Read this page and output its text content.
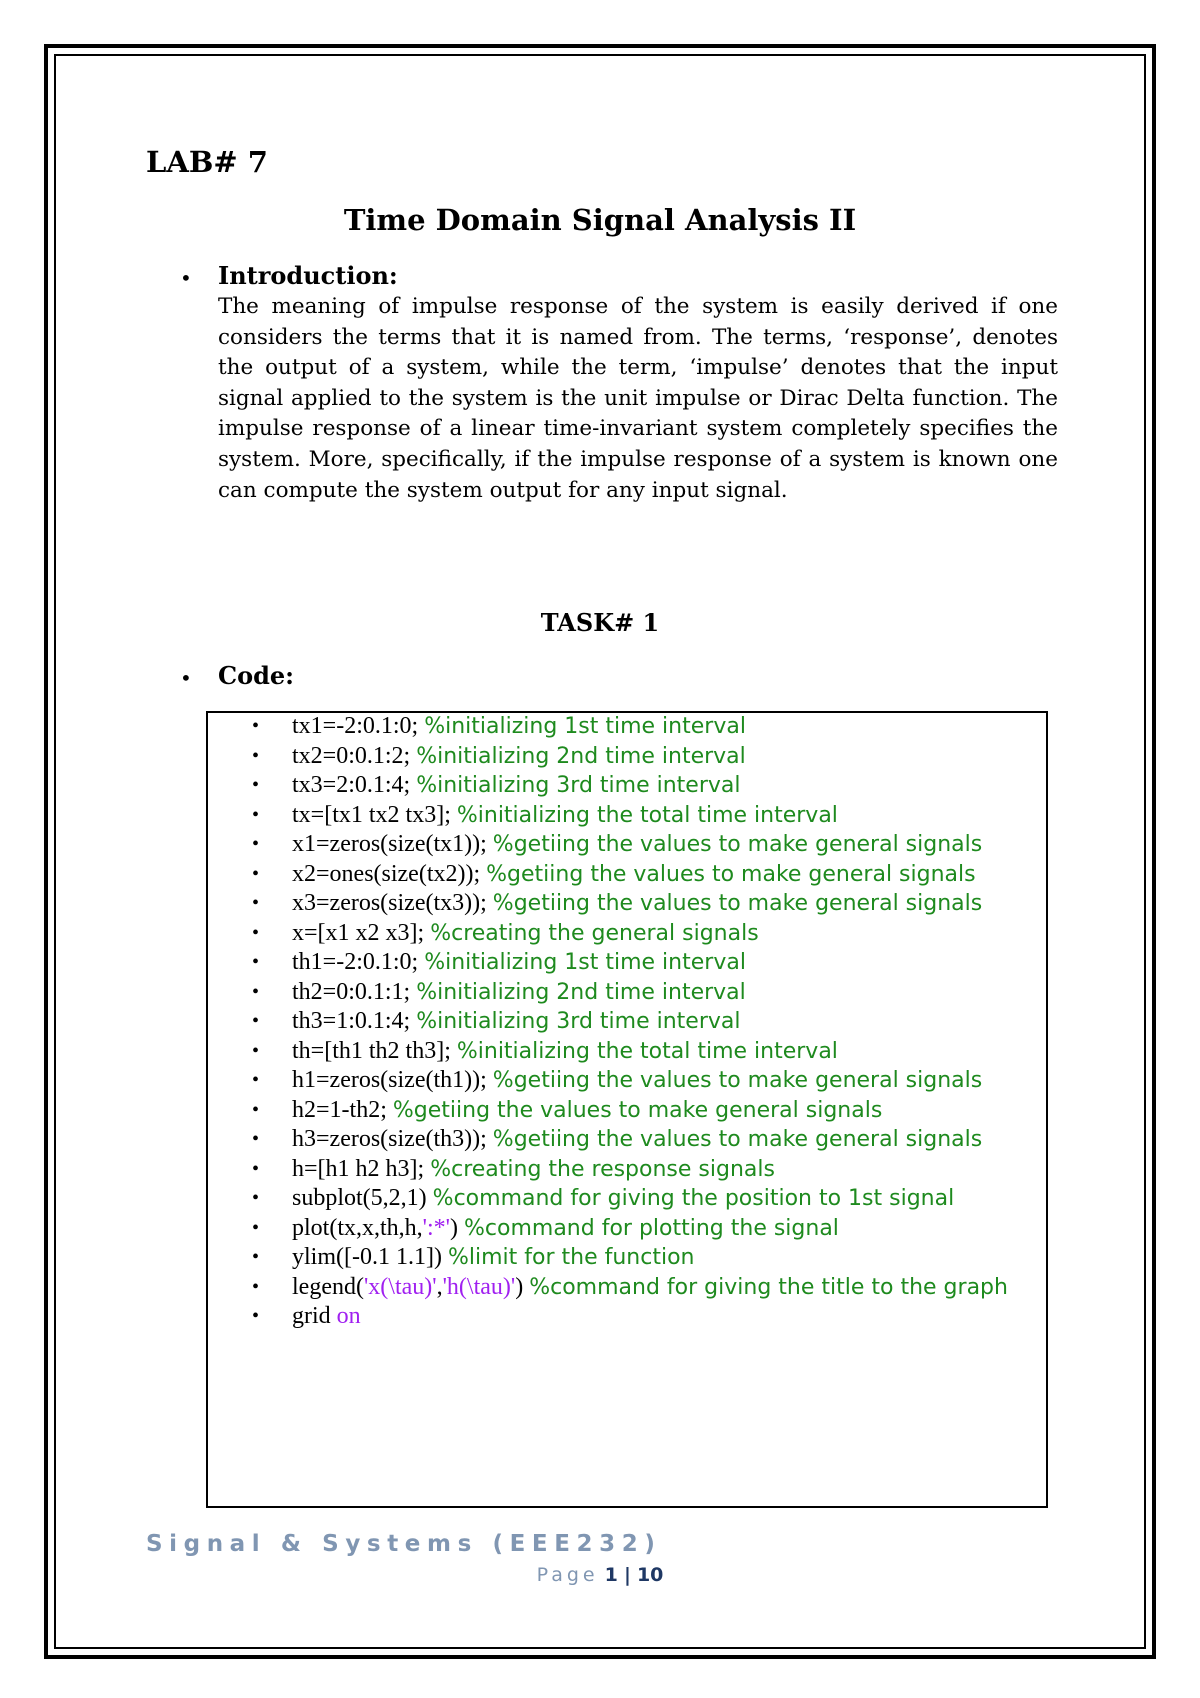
LAB# 7
Time Domain Signal Analysis II
• Introduction:
The meaning of impulse response of the system is easily derived if one considers the terms that it is named from. The terms, ‘response’, denotes the output of a system, while the term, ‘impulse’ denotes that the input signal applied to the system is the unit impulse or Dirac Delta function. The impulse response of a linear time-invariant system completely specifies the system. More, specifically, if the impulse response of a system is known one can compute the system output for any input signal.
TASK# 1
• Code:
• tx1=-2:0.1:0; %initializing 1st time interval
• tx2=0:0.1:2; %initializing 2nd time interval
• tx3=2:0.1:4; %initializing 3rd time interval
• tx=[tx1 tx2 tx3]; %initializing the total time interval
• x1=zeros(size(tx1)); %getiing the values to make general signals
• x2=ones(size(tx2)); %getiing the values to make general signals
• x3=zeros(size(tx3)); %getiing the values to make general signals
• x=[x1 x2 x3]; %creating the general signals
• th1=-2:0.1:0; %initializing 1st time interval
• th2=0:0.1:1; %initializing 2nd time interval
• th3=1:0.1:4; %initializing 3rd time interval
• th=[th1 th2 th3]; %initializing the total time interval
• h1=zeros(size(th1)); %getiing the values to make general signals
• h2=1-th2; %getiing the values to make general signals
• h3=zeros(size(th3)); %getiing the values to make general signals
• h=[h1 h2 h3]; %creating the response signals
• subplot(5,2,1) %command for giving the position to 1st signal
• plot(tx,x,th,h,':*') %command for plotting the signal
• ylim([-0.1 1.1]) %limit for the function
• legend('x(\tau)','h(\tau)') %command for giving the title to the graph
• grid on
Signal & Systems (EEE232)
Page 1 | 10
